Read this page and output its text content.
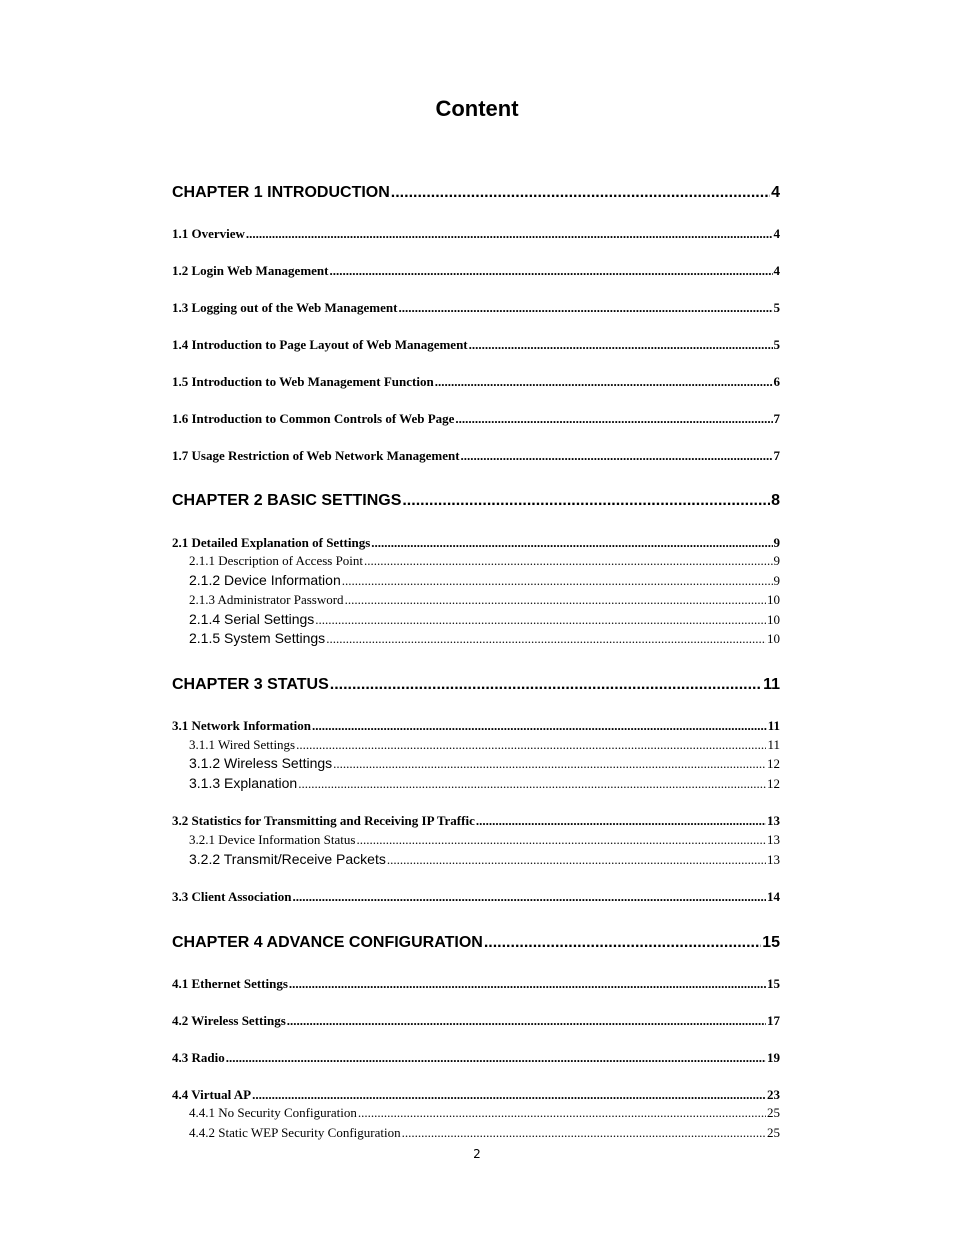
Content
CHAPTER 1 INTRODUCTION .....	4
1.1 Overview .....	4
1.2 Login Web Management .....	4
1.3 Logging out of the Web Management .....	5
1.4 Introduction to Page Layout of Web Management .....	5
1.5 Introduction to Web Management Function .....	6
1.6 Introduction to Common Controls of Web Page .....	7
1.7 Usage Restriction of Web Network Management .....	7
CHAPTER 2 BASIC SETTINGS .....	8
2.1 Detailed Explanation of Settings .....	9
2.1.1 Description of Access Point .....	9
2.1.2 Device Information .....	9
2.1.3 Administrator Password .....	10
2.1.4 Serial Settings .....	10
2.1.5 System Settings .....	10
CHAPTER 3 STATUS .....	11
3.1 Network Information .....	11
3.1.1 Wired Settings .....	11
3.1.2 Wireless Settings .....	12
3.1.3 Explanation .....	12
3.2 Statistics for Transmitting and Receiving IP Traffic .....	13
3.2.1 Device Information Status .....	13
3.2.2 Transmit/Receive Packets .....	13
3.3 Client Association .....	14
CHAPTER 4 ADVANCE CONFIGURATION .....	15
4.1 Ethernet Settings .....	15
4.2 Wireless Settings .....	17
4.3 Radio .....	19
4.4 Virtual AP .....	23
4.4.1 No Security Configuration .....	25
4.4.2 Static WEP Security Configuration .....	25
2
